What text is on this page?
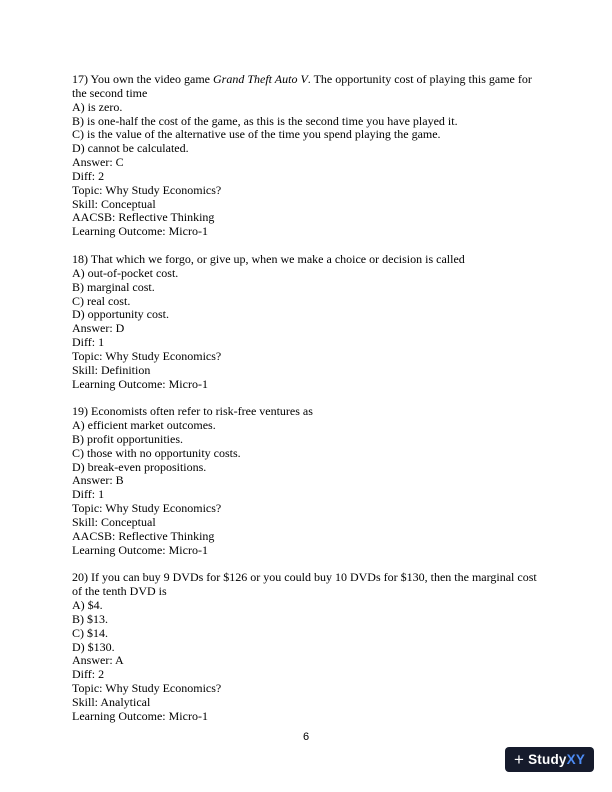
17) You own the video game Grand Theft Auto V. The opportunity cost of playing this game for the second time

A) is zero.

B) is one-half the cost of the game, as this is the second time you have played it.

C) is the value of the alternative use of the time you spend playing the game.

D) cannot be calculated.

Answer: C

Diff: 2

Topic: Why Study Economics?

Skill: Conceptual

AACSB: Reflective Thinking

Learning Outcome: Micro-1

18) That which we forgo, or give up, when we make a choice or decision is called

A) out-of-pocket cost.

B) marginal cost.

C) real cost.

D) opportunity cost.

Answer: D

Diff: 1

Topic: Why Study Economics?

Skill: Definition

Learning Outcome: Micro-1

19) Economists often refer to risk-free ventures as

A) efficient market outcomes.

B) profit opportunities.

C) those with no opportunity costs.

D) break-even propositions.

Answer: B

Diff: 1

Topic: Why Study Economics?

Skill: Conceptual

AACSB: Reflective Thinking

Learning Outcome: Micro-1

20) If you can buy 9 DVDs for $126 or you could buy 10 DVDs for $130, then the marginal cost of the tenth DVD is

A) $4.

B) $13.

C) $14.

D) $130.

Answer: A

Diff: 2

Topic: Why Study Economics?

Skill: Analytical

Learning Outcome: Micro-1

6
+ Study XY
